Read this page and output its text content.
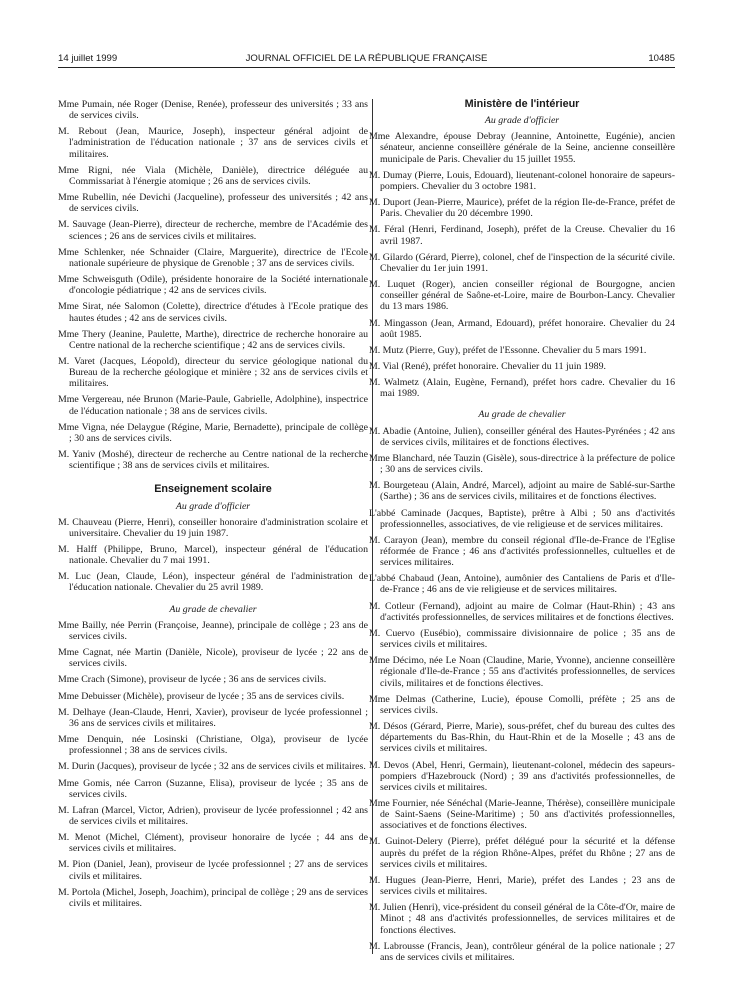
14 juillet 1999	JOURNAL OFFICIEL DE LA RÉPUBLIQUE FRANÇAISE	10485

Mme Pumain, née Roger (Denise, Renée), professeur des universités ; 33 ans de services civils.

M. Rebout (Jean, Maurice, Joseph), inspecteur général adjoint de l'administration de l'éducation nationale ; 37 ans de services civils et militaires.

Mme Rigni, née Viala (Michèle, Danièle), directrice déléguée au Commissariat à l'énergie atomique ; 26 ans de services civils.

Mme Rubellin, née Devichi (Jacqueline), professeur des universités ; 42 ans de services civils.

M. Sauvage (Jean-Pierre), directeur de recherche, membre de l'Académie des sciences ; 26 ans de services civils et militaires.

Mme Schlenker, née Schnaider (Claire, Marguerite), directrice de l'Ecole nationale supérieure de physique de Grenoble ; 37 ans de services civils.

Mme Schweisguth (Odile), présidente honoraire de la Société internationale d'oncologie pédiatrique ; 42 ans de services civils.

Mme Sirat, née Salomon (Colette), directrice d'études à l'Ecole pratique des hautes études ; 42 ans de services civils.

Mme Thery (Jeanine, Paulette, Marthe), directrice de recherche honoraire au Centre national de la recherche scientifique ; 42 ans de services civils.

M. Varet (Jacques, Léopold), directeur du service géologique national du Bureau de la recherche géologique et minière ; 32 ans de services civils et militaires.

Mme Vergereau, née Brunon (Marie-Paule, Gabrielle, Adolphine), inspectrice de l'éducation nationale ; 38 ans de services civils.

Mme Vigna, née Delaygue (Régine, Marie, Bernadette), principale de collège ; 30 ans de services civils.

M. Yaniv (Moshé), directeur de recherche au Centre national de la recherche scientifique ; 38 ans de services civils et militaires.

Enseignement scolaire
Au grade d'officier

M. Chauveau (Pierre, Henri), conseiller honoraire d'administration scolaire et universitaire. Chevalier du 19 juin 1987.

M. Halff (Philippe, Bruno, Marcel), inspecteur général de l'éducation nationale. Chevalier du 7 mai 1991.

M. Luc (Jean, Claude, Léon), inspecteur général de l'administration de l'éducation nationale. Chevalier du 25 avril 1989.

Au grade de chevalier

Mme Bailly, née Perrin (Françoise, Jeanne), principale de collège ; 23 ans de services civils.

Mme Cagnat, née Martin (Danièle, Nicole), proviseur de lycée ; 22 ans de services civils.

Mme Crach (Simone), proviseur de lycée ; 36 ans de services civils.

Mme Debuisser (Michèle), proviseur de lycée ; 35 ans de services civils.

M. Delhaye (Jean-Claude, Henri, Xavier), proviseur de lycée professionnel ; 36 ans de services civils et militaires.

Mme Denquin, née Losinski (Christiane, Olga), proviseur de lycée professionnel ; 38 ans de services civils.

M. Durin (Jacques), proviseur de lycée ; 32 ans de services civils et militaires.

Mme Gomis, née Carron (Suzanne, Elisa), proviseur de lycée ; 35 ans de services civils.

M. Lafran (Marcel, Victor, Adrien), proviseur de lycée professionnel ; 42 ans de services civils et militaires.

M. Menot (Michel, Clément), proviseur honoraire de lycée ; 44 ans de services civils et militaires.

M. Pion (Daniel, Jean), proviseur de lycée professionnel ; 27 ans de services civils et militaires.

M. Portola (Michel, Joseph, Joachim), principal de collège ; 29 ans de services civils et militaires.

Ministère de l'intérieur
Au grade d'officier

Mme Alexandre, épouse Debray (Jeannine, Antoinette, Eugénie), ancien sénateur, ancienne conseillère générale de la Seine, ancienne conseillère municipale de Paris. Chevalier du 15 juillet 1955.

M. Dumay (Pierre, Louis, Edouard), lieutenant-colonel honoraire de sapeurs-pompiers. Chevalier du 3 octobre 1981.

M. Duport (Jean-Pierre, Maurice), préfet de la région Ile-de-France, préfet de Paris. Chevalier du 20 décembre 1990.

M. Féral (Henri, Ferdinand, Joseph), préfet de la Creuse. Chevalier du 16 avril 1987.

M. Gilardo (Gérard, Pierre), colonel, chef de l'inspection de la sécurité civile. Chevalier du 1er juin 1991.

M. Luquet (Roger), ancien conseiller régional de Bourgogne, ancien conseiller général de Saône-et-Loire, maire de Bourbon-Lancy. Chevalier du 13 mars 1986.

M. Mingasson (Jean, Armand, Edouard), préfet honoraire. Chevalier du 24 août 1985.

M. Mutz (Pierre, Guy), préfet de l'Essonne. Chevalier du 5 mars 1991.

M. Vial (René), préfet honoraire. Chevalier du 11 juin 1989.

M. Walmetz (Alain, Eugène, Fernand), préfet hors cadre. Chevalier du 16 mai 1989.

Au grade de chevalier

M. Abadie (Antoine, Julien), conseiller général des Hautes-Pyrénées ; 42 ans de services civils, militaires et de fonctions électives.

Mme Blanchard, née Tauzin (Gisèle), sous-directrice à la préfecture de police ; 30 ans de services civils.

M. Bourgeteau (Alain, André, Marcel), adjoint au maire de Sablé-sur-Sarthe (Sarthe) ; 36 ans de services civils, militaires et de fonctions électives.

L'abbé Caminade (Jacques, Baptiste), prêtre à Albi ; 50 ans d'activités professionnelles, associatives, de vie religieuse et de services militaires.

M. Carayon (Jean), membre du conseil régional d'Ile-de-France de l'Eglise réformée de France ; 46 ans d'activités professionnelles, cultuelles et de services militaires.

L'abbé Chabaud (Jean, Antoine), aumônier des Cantaliens de Paris et d'Ile-de-France ; 46 ans de vie religieuse et de services militaires.

M. Cotleur (Fernand), adjoint au maire de Colmar (Haut-Rhin) ; 43 ans d'activités professionnelles, de services militaires et de fonctions électives.

M. Cuervo (Eusébio), commissaire divisionnaire de police ; 35 ans de services civils et militaires.

Mme Décimo, née Le Noan (Claudine, Marie, Yvonne), ancienne conseillère régionale d'Ile-de-France ; 55 ans d'activités professionnelles, de services civils, militaires et de fonctions électives.

Mme Delmas (Catherine, Lucie), épouse Comolli, préfète ; 25 ans de services civils.

M. Désos (Gérard, Pierre, Marie), sous-préfet, chef du bureau des cultes des départements du Bas-Rhin, du Haut-Rhin et de la Moselle ; 43 ans de services civils et militaires.

M. Devos (Abel, Henri, Germain), lieutenant-colonel, médecin des sapeurs-pompiers d'Hazebrouck (Nord) ; 39 ans d'activités professionnelles, de services civils et militaires.

Mme Fournier, née Sénéchal (Marie-Jeanne, Thérèse), conseillère municipale de Saint-Saens (Seine-Maritime) ; 50 ans d'activités professionnelles, associatives et de fonctions électives.

M. Guinot-Delery (Pierre), préfet délégué pour la sécurité et la défense auprès du préfet de la région Rhône-Alpes, préfet du Rhône ; 27 ans de services civils et militaires.

M. Hugues (Jean-Pierre, Henri, Marie), préfet des Landes ; 23 ans de services civils et militaires.

M. Julien (Henri), vice-président du conseil général de la Côte-d'Or, maire de Minot ; 48 ans d'activités professionnelles, de services militaires et de fonctions électives.

M. Labrousse (Francis, Jean), contrôleur général de la police nationale ; 27 ans de services civils et militaires.
